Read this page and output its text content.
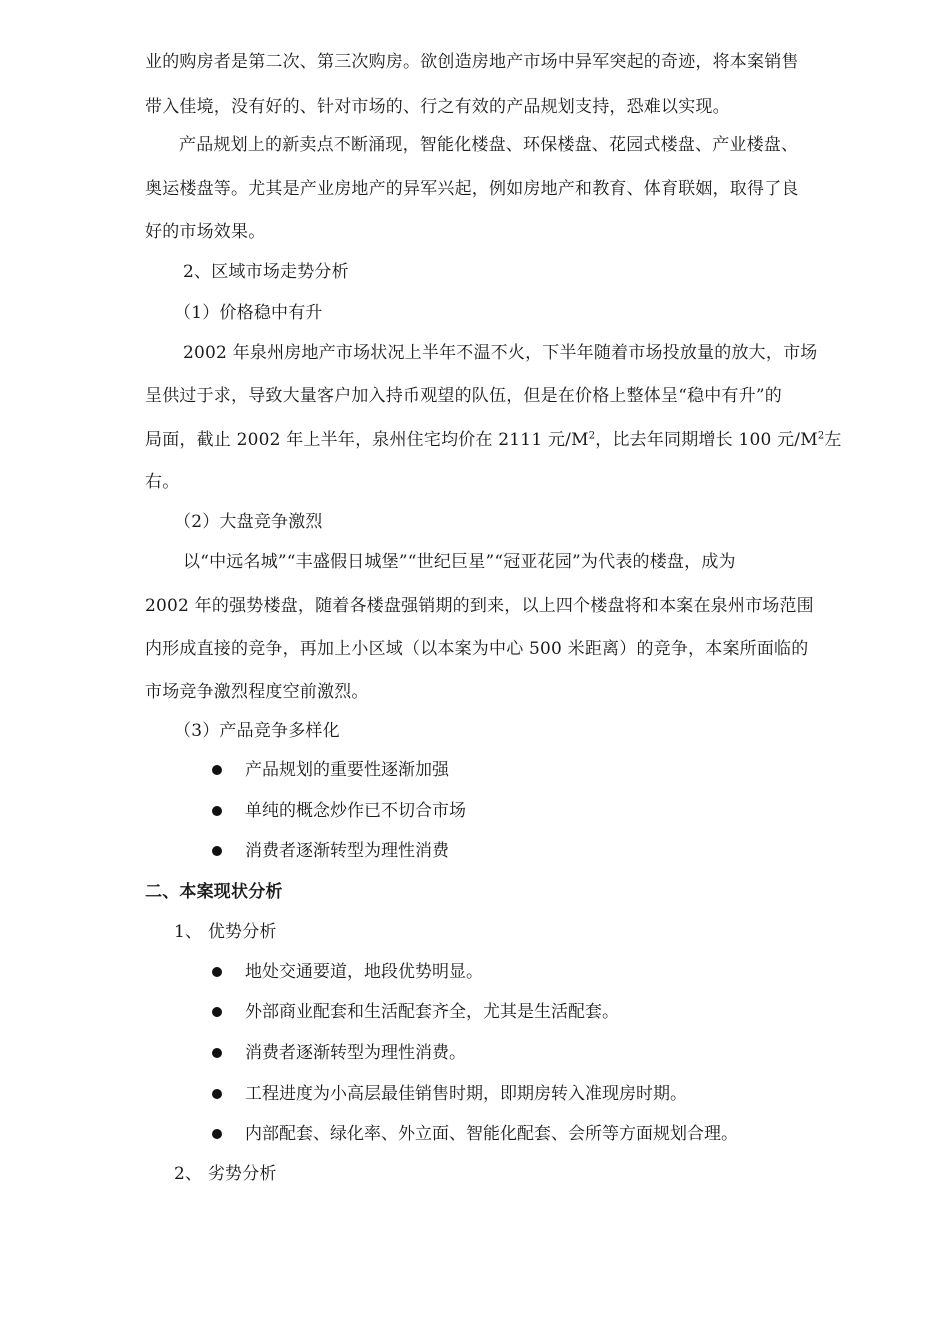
业的购房者是第二次、第三次购房。欲创造房地产市场中异军突起的奇迹，将本案销售
带入佳境，没有好的、针对市场的、行之有效的产品规划支持，恐难以实现。
产品规划上的新卖点不断涌现，智能化楼盘、环保楼盘、花园式楼盘、产业楼盘、
奥运楼盘等。尤其是产业房地产的异军兴起，例如房地产和教育、体育联姻，取得了良
好的市场效果。
2、区域市场走势分析
（1）价格稳中有升
2002 年泉州房地产市场状况上半年不温不火，下半年随着市场投放量的放大，市场
呈供过于求，导致大量客户加入持币观望的队伍，但是在价格上整体呈“稳中有升”的
局面，截止 2002 年上半年，泉州住宅均价在 2111 元$/M^2$，比去年同期增长 100 元$/M^2$左
右。
（2）大盘竞争激烈
以“中远名城”“丰盛假日城堡”“世纪巨星”“冠亚花园”为代表的楼盘，成为
2002 年的强势楼盘，随着各楼盘强销期的到来，以上四个楼盘将和本案在泉州市场范围
内形成直接的竞争，再加上小区域（以本案为中心 500 米距离）的竞争，本案所面临的
市场竞争激烈程度空前激烈。
（3）产品竞争多样化
产品规划的重要性逐渐加强
单纯的概念炒作已不切合市场
消费者逐渐转型为理性消费
二、本案现状分析
1、 优势分析
地处交通要道，地段优势明显。
外部商业配套和生活配套齐全，尤其是生活配套。
消费者逐渐转型为理性消费。
工程进度为小高层最佳销售时期，即期房转入准现房时期。
内部配套、绿化率、外立面、智能化配套、会所等方面规划合理。
2、 劣势分析
